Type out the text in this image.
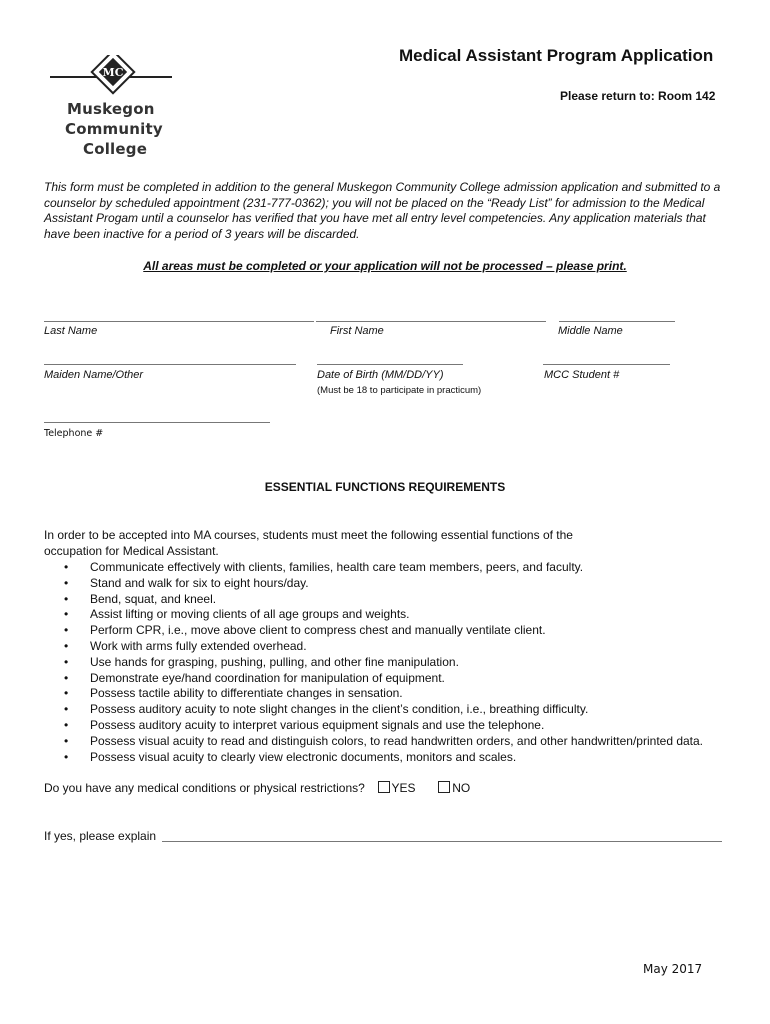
MC
Muskegon
Community
College
Medical Assistant Program Application
Please return to: Room 142
This form must be completed in addition to the general Muskegon Community College admission application and submitted to a counselor by scheduled appointment (231-777-0362); you will not be placed on the “Ready List” for admission to the Medical Assistant Progam until a counselor has verified that you have met all entry level competencies. Any application materials that have been inactive for a period of 3 years will be discarded.
All areas must be completed or your application will not be processed – please print.
Last Name	First Name	Middle Name
Maiden Name/Other	Date of Birth (MM/DD/YY)
(Must be 18 to participate in practicum)
MCC Student #
Telephone #
ESSENTIAL FUNCTIONS REQUIREMENTS
In order to be accepted into MA courses, students must meet the following essential functions of the occupation for Medical Assistant.
• Communicate effectively with clients, families, health care team members, peers, and faculty.
• Stand and walk for six to eight hours/day.
• Bend, squat, and kneel.
• Assist lifting or moving clients of all age groups and weights.
• Perform CPR, i.e., move above client to compress chest and manually ventilate client.
• Work with arms fully extended overhead.
• Use hands for grasping, pushing, pulling, and other fine manipulation.
• Demonstrate eye/hand coordination for manipulation of equipment.
• Possess tactile ability to differentiate changes in sensation.
• Possess auditory acuity to note slight changes in the client’s condition, i.e., breathing difficulty.
• Possess auditory acuity to interpret various equipment signals and use the telephone.
• Possess visual acuity to read and distinguish colors, to read handwritten orders, and other handwritten/printed data.
• Possess visual acuity to clearly view electronic documents, monitors and scales.
Do you have any medical conditions or physical restrictions? YES	NO
If yes, please explain
May 2017
